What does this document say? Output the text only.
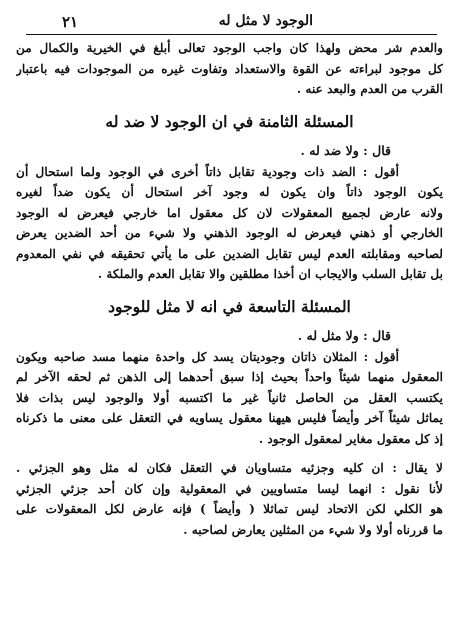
٢١	الوجود لا مثل له
والعدم شر محض ولهذا كان واجب الوجود تعالى أبلغ في الخيرية والكمال من
كل موجود لبراءته عن القوة والاستعداد وتفاوت غيره من الموجودات فيه باعتبار
القرب من العدم والبعد عنه .
المسئلة الثامنة في ان الوجود لا ضد له
قال : ولا ضد له .
أقول : الضد ذات وجودية تقابل ذاتاً أخرى في الوجود ولما استحال أن
يكون الوجود ذاتاً وان يكون له وجود آخر استحال أن يكون ضداً لغيره
ولانه عارض لجميع المعقولات لان كل معقول اما خارجي فيعرض له الوجود
الخارجي أو ذهني فيعرض له الوجود الذهني ولا شيء من أحد الضدين يعرض
لصاحبه ومقابلته العدم ليس تقابل الضدين على ما يأتي تحقيقه في نفي المعدوم
بل تقابل السلب والايجاب ان أخذا مطلقين والا تقابل العدم والملكة .
المسئلة التاسعة في انه لا مثل للوجود
قال : ولا مثل له .
أقول : المثلان ذاتان وجوديتان يسد كل واحدة منهما مسد صاحبه ويكون
المعقول منهما شيئاً واحداً بحيث إذا سبق أحدهما إلى الذهن ثم لحقه الآخر لم
يكتسب العقل من الحاصل ثانياً غير ما اكتسبه أولا والوجود ليس بذات فلا
يماثل شيئاً آخر وأيضاً فليس هيهنا معقول يساويه في التعقل على معنى ما ذكرناه
إذ كل معقول مغاير لمعقول الوجود .
لا يقال : ان كليه وجزئيه متساويان في التعقل فكان له مثل وهو الجزئي .
لأنا نقول : انهما ليسا متساويين في المعقولية وإن كان أحد جزئي الجزئي
هو الكلي لكن الاتحاد ليس تماثلا ( وأيضاً ) فإنه عارض لكل المعقولات على
ما قررناه أولا ولا شيء من المثلين يعارض لصاحبه .
